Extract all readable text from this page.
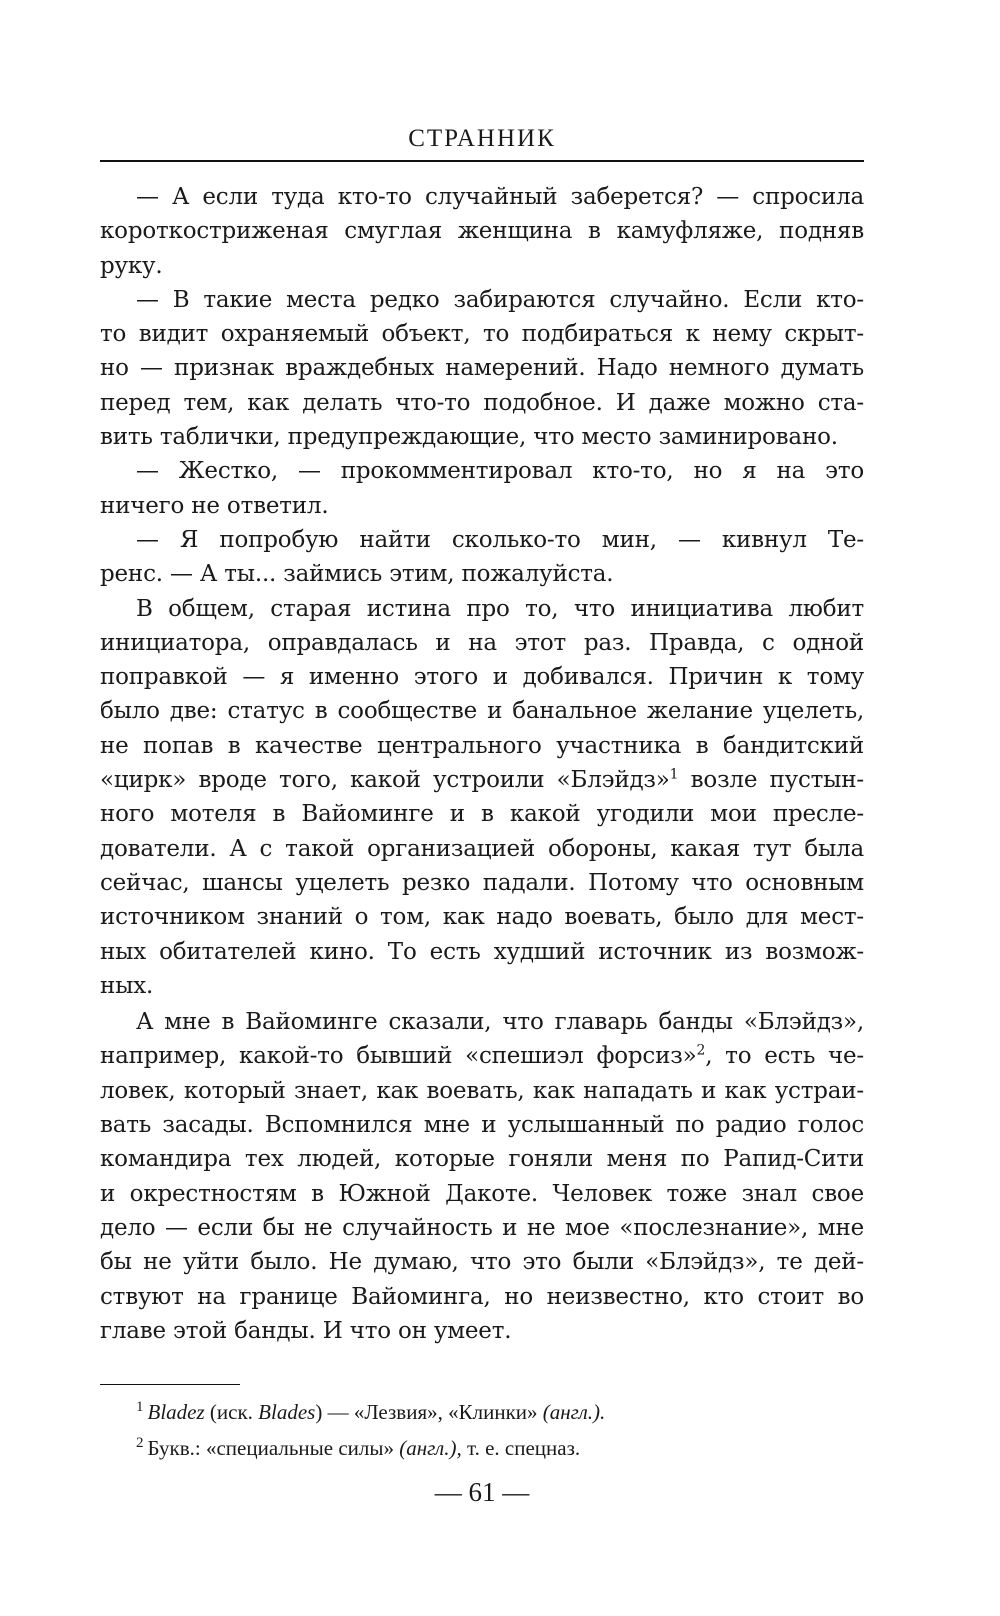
СТРАННИК
— А если туда кто-то случайный заберется? — спросила
короткостриженая смуглая женщина в камуфляже, подняв
руку.
— В такие места редко забираются случайно. Если кто-
то видит охраняемый объект, то подбираться к нему скрыт-
но — признак враждебных намерений. Надо немного думать
перед тем, как делать что-то подобное. И даже можно ста-
вить таблички, предупреждающие, что место заминировано.
— Жестко, — прокомментировал кто-то, но я на это
ничего не ответил.
— Я попробую найти сколько-то мин, — кивнул Те-
ренс. — А ты... займись этим, пожалуйста.
В общем, старая истина про то, что инициатива любит
инициатора, оправдалась и на этот раз. Правда, с одной
поправкой — я именно этого и добивался. Причин к тому
было две: статус в сообществе и банальное желание уцелеть,
не попав в качестве центрального участника в бандитский
«цирк» вроде того, какой устроили «Блэйдз»$^1$ возле пустын-
ного мотеля в Вайоминге и в какой угодили мои пресле-
дователи. А с такой организацией обороны, какая тут была
сейчас, шансы уцелеть резко падали. Потому что основным
источником знаний о том, как надо воевать, было для мест-
ных обитателей кино. То есть худший источник из возмож-
ных.
А мне в Вайоминге сказали, что главарь банды «Блэйдз»,
например, какой-то бывший «спешиэл форсиз»$^2$, то есть че-
ловек, который знает, как воевать, как нападать и как устраи-
вать засады. Вспомнился мне и услышанный по радио голос
командира тех людей, которые гоняли меня по Рапид-Сити
и окрестностям в Южной Дакоте. Человек тоже знал свое
дело — если бы не случайность и не мое «послезнание», мне
бы не уйти было. Не думаю, что это были «Блэйдз», те дей-
ствуют на границе Вайоминга, но неизвестно, кто стоит во
главе этой банды. И что он умеет.

$^1$ Bladez (иск. Blades) — «Лезвия», «Клинки» (англ.).

$^2$ Букв.: «специальные силы» (англ.), т. е. спецназ.

— 61 —
